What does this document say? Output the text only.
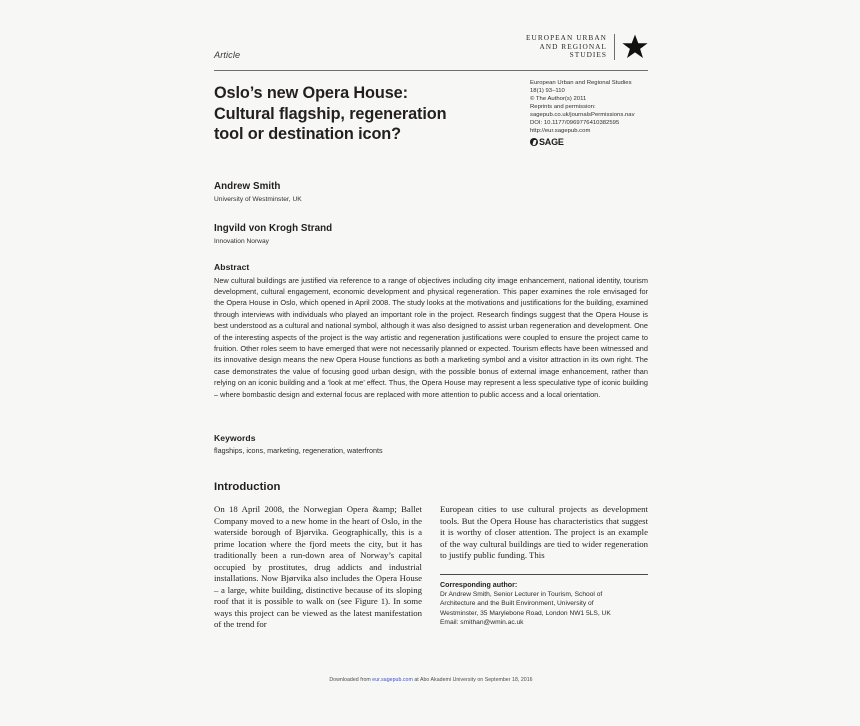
Article
EUROPEAN URBAN
AND REGIONAL
STUDIES
Oslo’s new Opera House:
Cultural flagship, regeneration
tool or destination icon?
European Urban and Regional Studies
18(1) 93–110
© The Author(s) 2011
Reprints and permission:
sagepub.co.uk/journalsPermissions.nav
DOI: 10.1177/0969776410382595
http://eur.sagepub.com
SAGE
Andrew Smith
University of Westminster, UK
Ingvild von Krogh Strand
Innovation Norway
Abstract
New cultural buildings are justified via reference to a range of objectives including city image enhancement, national identity, tourism development, cultural engagement, economic development and physical regeneration. This paper examines the role envisaged for the Opera House in Oslo, which opened in April 2008. The study looks at the motivations and justifications for the building, examined through interviews with individuals who played an important role in the project. Research findings suggest that the Opera House is best understood as a cultural and national symbol, although it was also designed to assist urban regeneration and development. One of the interesting aspects of the project is the way artistic and regeneration justifications were coupled to ensure the project came to fruition. Other roles seem to have emerged that were not necessarily planned or expected. Tourism effects have been witnessed and its innovative design means the new Opera House functions as both a marketing symbol and a visitor attraction in its own right. The case demonstrates the value of focusing good urban design, with the possible bonus of external image enhancement, rather than relying on an iconic building and a ‘look at me’ effect. Thus, the Opera House may represent a less speculative type of iconic building – where bombastic design and external focus are replaced with more attention to public access and a local orientation.
Keywords
flagships, icons, marketing, regeneration, waterfronts
Introduction

On 18 April 2008, the Norwegian Opera &amp; Ballet Company moved to a new home in the heart of Oslo, in the waterside borough of Bjørvika. Geographically, this is a prime location where the fjord meets the city, but it has traditionally been a run-down area of Norway’s capital occupied by prostitutes, drug addicts and industrial installations. Now Bjørvika also includes the Opera House – a large, white building, distinctive because of its sloping roof that it is possible to walk on (see Figure 1). In some ways this project can be viewed as the latest manifestation of the trend for

European cities to use cultural projects as development tools. But the Opera House has characteristics that suggest it is worthy of closer attention. The project is an example of the way cultural buildings are tied to wider regeneration to justify public funding. This

Corresponding author:
Dr Andrew Smith, Senior Lecturer in Tourism, School of
Architecture and the Built Environment, University of
Westminster, 35 Marylebone Road, London NW1 5LS, UK
Email: smithan@wmin.ac.uk
Downloaded from eur.sagepub.com at Abo Akademi University on September 18, 2016
